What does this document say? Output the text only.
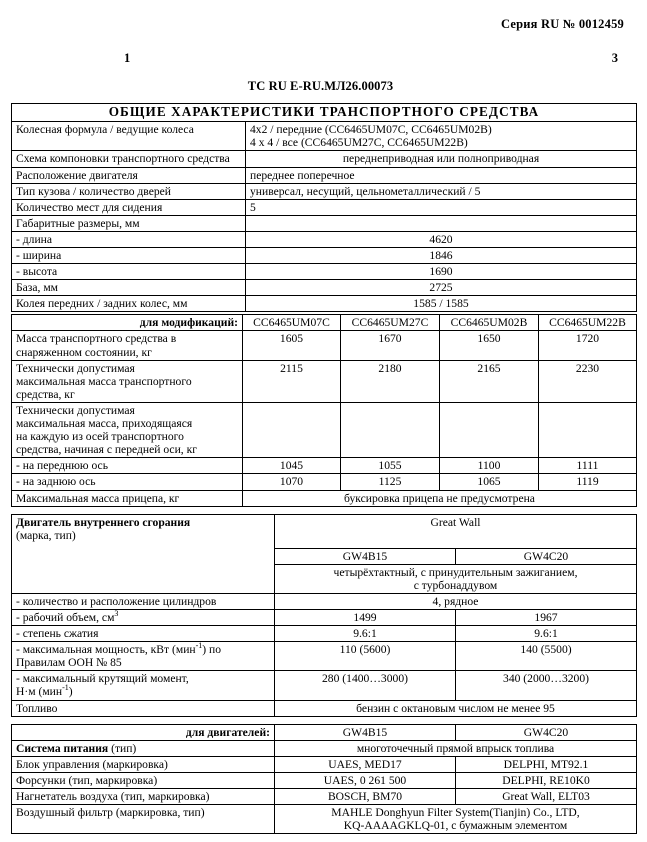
Серия RU № 0012459
1	3
ТС RU E-RU.МЛ26.00073
ОБЩИЕ ХАРАКТЕРИСТИКИ ТРАНСПОРТНОГО СРЕДСТВА	
Колесная формула / ведущие колеса	4x2 / передние (CC6465UM07C, CC6465UM02B)
4 х 4 / все (CC6465UM27C, CC6465UM22B)

Схема компоновки транспортного средства	переднеприводная или полноприводная
Расположение двигателя	переднее поперечное
Тип кузова / количество дверей	универсал, несущий, цельнометаллический / 5
Количество мест для сидения	5
Габаритные размеры, мм	
- длина	4620
- ширина	1846
- высота	1690
База, мм	2725
Колея передних / задних колес, мм	1585 / 1585
для модификаций:	CC6465UM07C	CC6465UM27C	CC6465UM02B	CC6465UM22B

Масса транспортного средства в
снаряженном состоянии, кг	1605	1670	1650	1720

Технически допустимая
максимальная масса транспортного
средства, кг	2115	2180	2165	2230

Технически допустимая
максимальная масса, приходящаяся
на каждую из осей транспортного
средства, начиная с передней оси, кг				

- на переднюю ось	1045	1055	1100	1111
- на заднюю ось	1070	1125	1065	1119
Максимальная масса прицепа, кг	буксировка прицепа не предусмотрена			
Двигатель внутреннего сгорания
(марка, тип)	Great Wall	
	GW4B15	GW4C20

	четырёхтактный, с принудительным зажиганием,
с турбонаддувом	

- количество и расположение цилиндров	4, рядное	
- рабочий объем, $см^3$	1499	1967
- степень сжатия	9.6:1	9.6:1

- максимальная мощность, кВт (мин$^{-1}$) по
Правилам ООН № 85	110 (5600)	140 (5500)

- максимальный крутящий момент,
Н·м (мин$^{-1}$)	280 (1400…3000)	340 (2000…3200)
Топливо	бензин с октановым числом не менее 95	
для двигателей:	GW4B15	GW4C20
Система питания (тип)	многоточечный прямой впрыск топлива	
Блок управления (маркировка)	UAES, MED17	DELPHI, MT92.1
Форсунки (тип, маркировка)	UAES, 0 261 500	DELPHI, RE10K0
Нагнетатель воздуха (тип, маркировка)	BOSCH, BM70	Great Wall, ELT03
Воздушный фильтр (маркировка, тип)	MAHLE Donghyun Filter System(Tianjin) Co., LTD,
KQ-AAAAGKLQ-01, с бумажным элементом	
